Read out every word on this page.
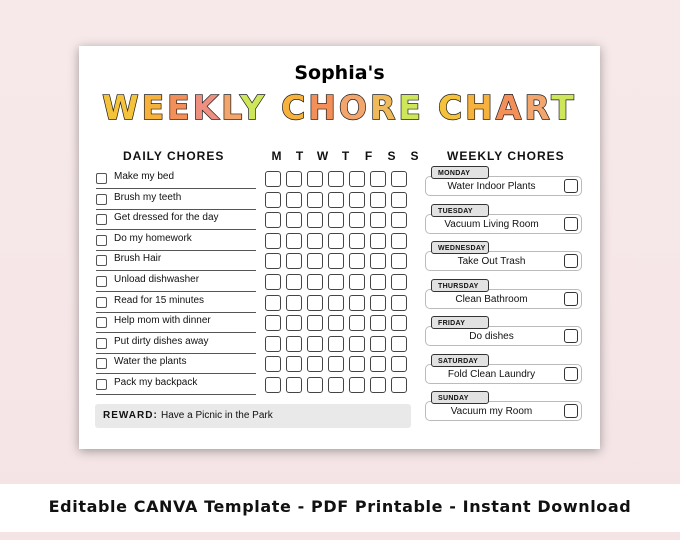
Sophia's
WEEKLY CHORE CHART
DAILY CHORES	M	T	W	T	F	S	S	WEEKLY CHORES
Make my bed
Brush my teeth
Get dressed for the day
Do my homework
Brush Hair
Unload dishwasher
Read for 15 minutes
Help mom with dinner
Put dirty dishes away
Water the plants
Pack my backpack
REWARD: Have a Picnic in the Park
Water Indoor Plants
MONDAY
Vacuum Living Room
TUESDAY
Take Out Trash
WEDNESDAY
Clean Bathroom
THURSDAY
Do dishes
FRIDAY
Fold Clean Laundry
SATURDAY
Vacuum my Room
SUNDAY
Editable CANVA Template - PDF Printable - Instant Download
